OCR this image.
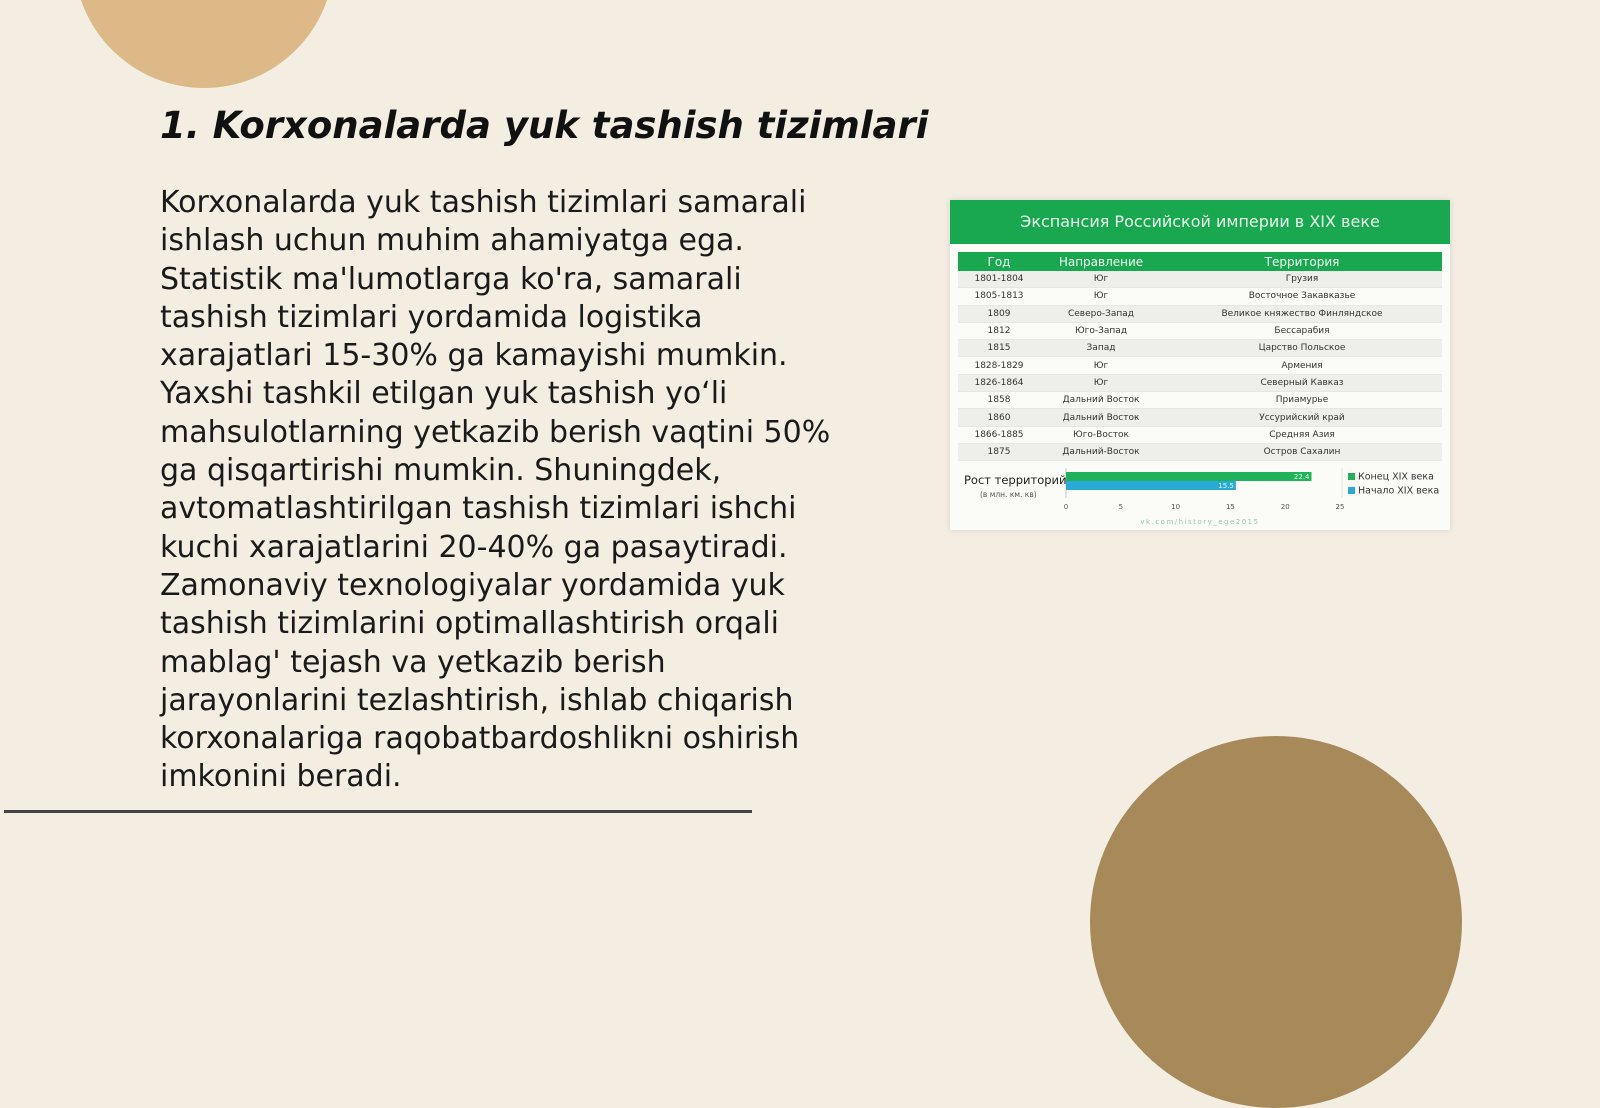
1. Korxonalarda yuk tashish tizimlari

Korxonalarda yuk tashish tizimlari samarali ishlash uchun muhim ahamiyatga ega. Statistik ma'lumotlarga ko'ra, samarali tashish tizimlari yordamida logistika xarajatlari 15-30% ga kamayishi mumkin. Yaxshi tashkil etilgan yuk tashish yo‘li mahsulotlarning yetkazib berish vaqtini 50% ga qisqartirishi mumkin. Shuningdek, avtomatlashtirilgan tashish tizimlari ishchi kuchi xarajatlarini 20-40% ga pasaytiradi. Zamonaviy texnologiyalar yordamida yuk tashish tizimlarini optimallashtirish orqali mablag' tejash va yetkazib berish jarayonlarini tezlashtirish, ishlab chiqarish korxonalariga raqobatbardoshlikni oshirish imkonini beradi.

Экспансия Российской империи в XIX веке
Год	Направление	Территория
1801-1804	Юг	Грузия
1805-1813	Юг	Восточное Закавказье
1809	Северо-Запад	Великое княжество Финляндское
1812	Юго-Запад	Бессарабия
1815	Запад	Царство Польское
1828-1829	Юг	Армения
1826-1864	Юг	Северный Кавказ
1858	Дальний Восток	Приамурье
1860	Дальний Восток	Уссурийский край
1866-1885	Юго-Восток	Средняя Азия
1875	Дальний-Восток	Остров Сахалин
Рост территорий
(в млн. км. кв)
22.4
15.5
0	5	10	15	20	25
Конец XIX века
Начало XIX века
vk.com/history_ege2015
